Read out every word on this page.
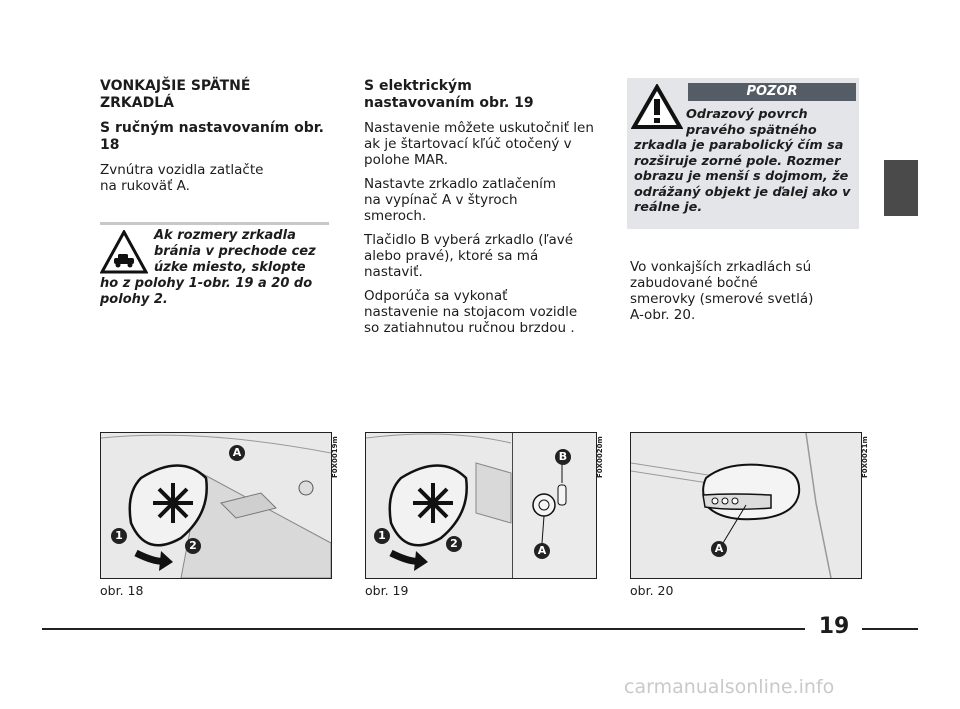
VONKAJŠIE SPÄTNÉ ZRKADLÁ

S ručným nastavovaním obr. 18

Zvnútra vozidla zatlačte na rukoväť A.

Ak rozmery zrkadla bránia v prechode cez úzke miesto, sklopte ho z polohy 1-obr. 19 a 20 do polohy 2.

S elektrickým nastavovaním obr. 19

Nastavenie môžete uskutočniť len ak je štartovací kľúč otočený v polohe MAR.

Nastavte zrkadlo zatlačením na vypínač A v štyroch smeroch.

Tlačidlo B vyberá zrkadlo (ľavé alebo pravé), ktoré sa má nastaviť.

Odporúča sa vykonať nastavenie na stojacom vozidle so zatiahnutou ručnou brzdou .

POZOR
Odrazový povrch pravého spätného zrkadla je parabolický čím sa rozširuje zorné pole. Rozmer obrazu je menší s dojmom, že odrážaný objekt je ďalej ako v reálne je.
Vo vonkajších zrkadlách sú zabudované bočné smerovky (smerové svetlá) A-obr. 20.
A
1
2
F0X0019m
obr. 18
B
1
2
A
F0X0020m
obr. 19
A
F0X0021m
obr. 20
19
carmanualsonline.info
